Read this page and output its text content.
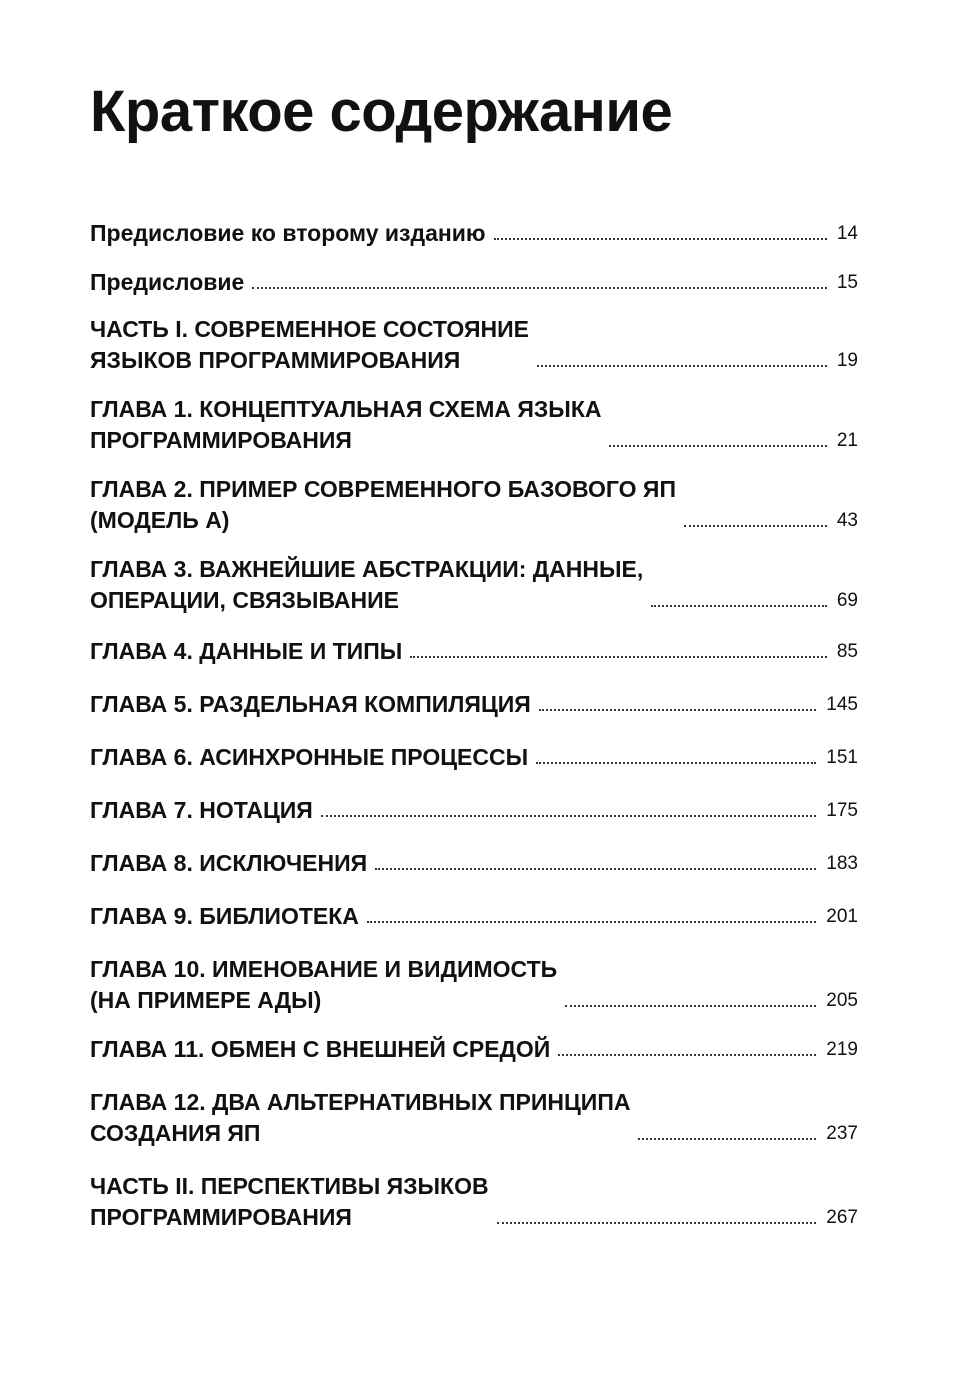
Краткое содержание
Предисловие ко второму изданию	14
Предисловие	15
ЧАСТЬ I. СОВРЕМЕННОЕ СОСТОЯНИЕ
ЯЗЫКОВ ПРОГРАММИРОВАНИЯ	19
ГЛАВА 1. КОНЦЕПТУАЛЬНАЯ СХЕМА ЯЗЫКА
ПРОГРАММИРОВАНИЯ	21
ГЛАВА 2. ПРИМЕР СОВРЕМЕННОГО БАЗОВОГО ЯП
(МОДЕЛЬ А)	43
ГЛАВА 3. ВАЖНЕЙШИЕ АБСТРАКЦИИ: ДАННЫЕ,
ОПЕРАЦИИ, СВЯЗЫВАНИЕ	69
ГЛАВА 4. ДАННЫЕ И ТИПЫ	85
ГЛАВА 5. РАЗДЕЛЬНАЯ КОМПИЛЯЦИЯ	145
ГЛАВА 6. АСИНХРОННЫЕ ПРОЦЕССЫ	151
ГЛАВА 7. НОТАЦИЯ	175
ГЛАВА 8. ИСКЛЮЧЕНИЯ	183
ГЛАВА 9. БИБЛИОТЕКА	201
ГЛАВА 10. ИМЕНОВАНИЕ И ВИДИМОСТЬ
(НА ПРИМЕРЕ АДЫ)	205
ГЛАВА 11. ОБМЕН С ВНЕШНЕЙ СРЕДОЙ	219
ГЛАВА 12. ДВА АЛЬТЕРНАТИВНЫХ ПРИНЦИПА
СОЗДАНИЯ ЯП	237
ЧАСТЬ II. ПЕРСПЕКТИВЫ ЯЗЫКОВ
ПРОГРАММИРОВАНИЯ	267
